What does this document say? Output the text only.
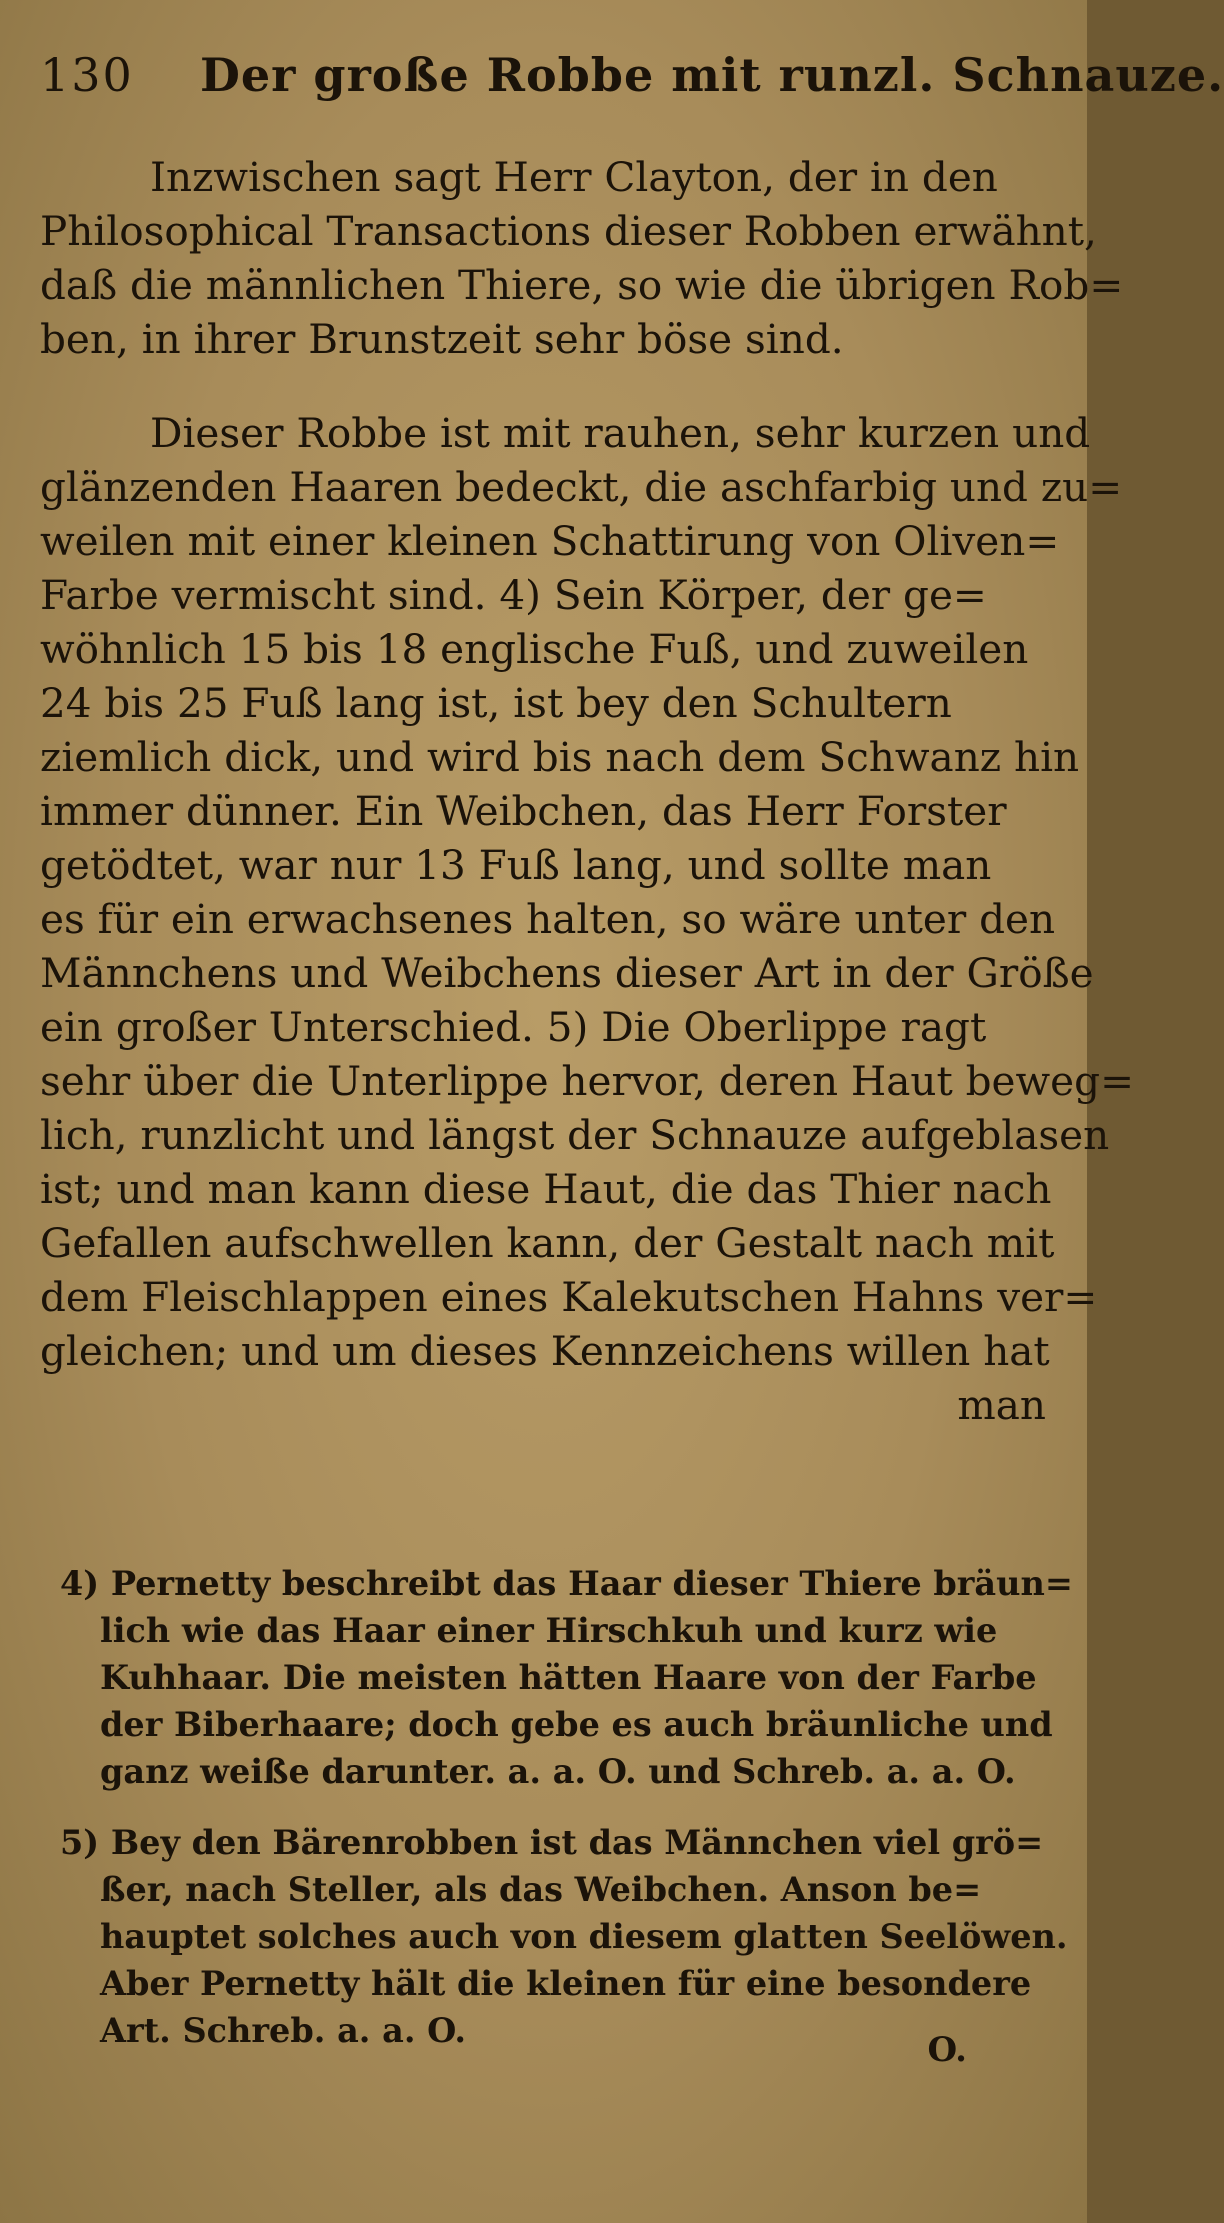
130 Der große Robbe mit runzl. Schnauze.

Inzwischen sagt Herr Clayton, der in den
Philosophical Transactions dieser Robben erwähnt,
daß die männlichen Thiere, so wie die übrigen Rob=
ben, in ihrer Brunstzeit sehr böse sind.

Dieser Robbe ist mit rauhen, sehr kurzen und
glänzenden Haaren bedeckt, die aschfarbig und zu=
weilen mit einer kleinen Schattirung von Oliven=
Farbe vermischt sind. 4) Sein Körper, der ge=
wöhnlich 15 bis 18 englische Fuß, und zuweilen
24 bis 25 Fuß lang ist, ist bey den Schultern
ziemlich dick, und wird bis nach dem Schwanz hin
immer dünner. Ein Weibchen, das Herr Forster
getödtet, war nur 13 Fuß lang, und sollte man
es für ein erwachsenes halten, so wäre unter den
Männchens und Weibchens dieser Art in der Größe
ein großer Unterschied. 5) Die Oberlippe ragt
sehr über die Unterlippe hervor, deren Haut beweg=
lich, runzlicht und längst der Schnauze aufgeblasen
ist; und man kann diese Haut, die das Thier nach
Gefallen aufschwellen kann, der Gestalt nach mit
dem Fleischlappen eines Kalekutschen Hahns ver=
gleichen; und um dieses Kennzeichens willen hat
man

4) Pernetty beschreibt das Haar dieser Thiere bräun=
lich wie das Haar einer Hirschkuh und kurz wie
Kuhhaar. Die meisten hätten Haare von der Farbe
der Biberhaare; doch gebe es auch bräunliche und
ganz weiße darunter. a. a. O. und Schreb. a. a. O.

5) Bey den Bärenrobben ist das Männchen viel grö=
ßer, nach Steller, als das Weibchen. Anson be=
hauptet solches auch von diesem glatten Seelöwen.
Aber Pernetty hält die kleinen für eine besondere
Art. Schreb. a. a. O.	O.
